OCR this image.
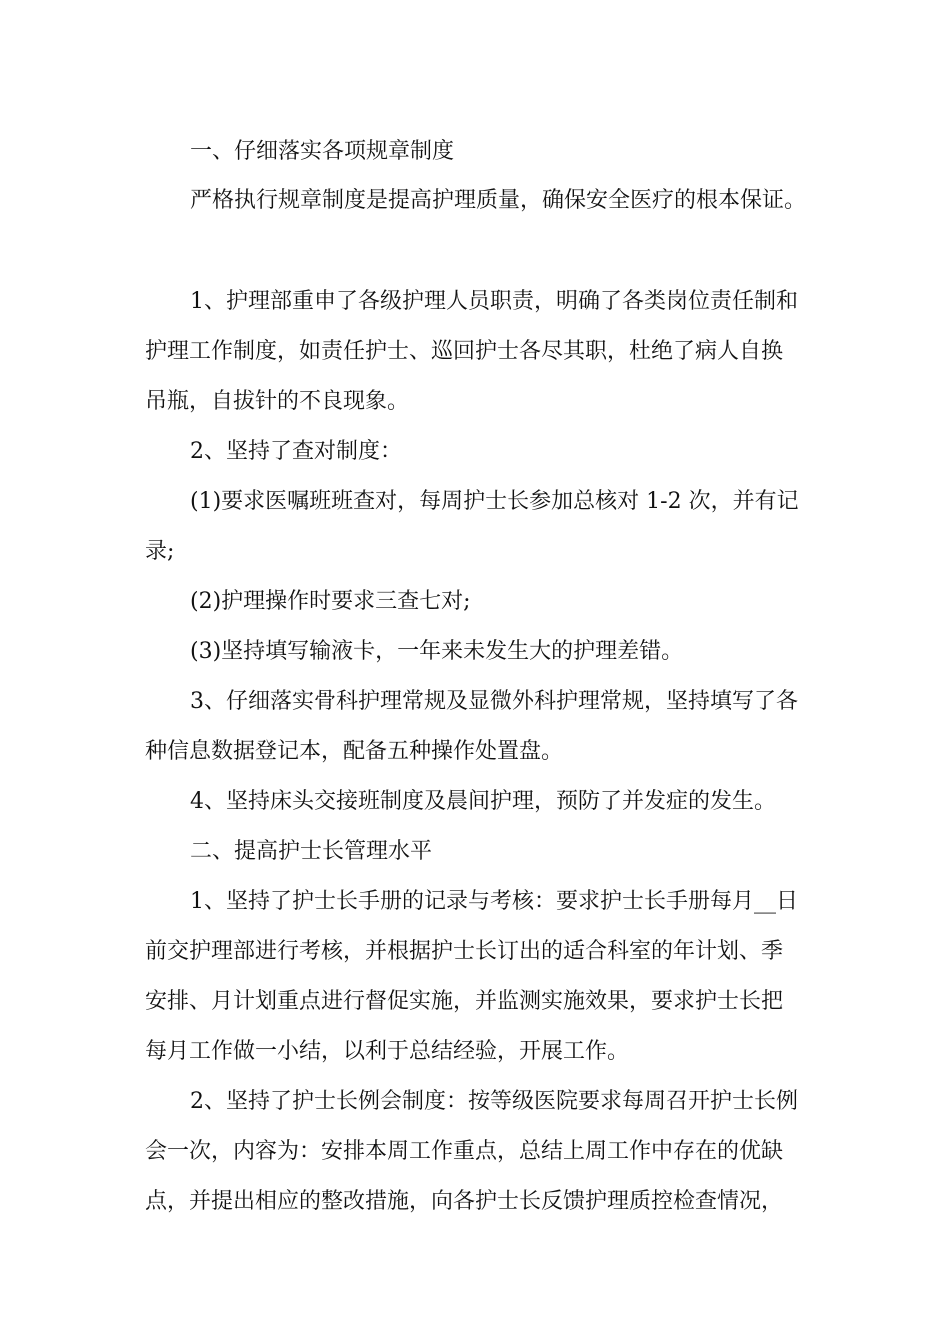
一、仔细落实各项规章制度
严格执行规章制度是提高护理质量，确保安全医疗的根本保证。
1、护理部重申了各级护理人员职责，明确了各类岗位责任制和
护理工作制度，如责任护士、巡回护士各尽其职，杜绝了病人自换
吊瓶，自拔针的不良现象。
2、坚持了查对制度：
(1)要求医嘱班班查对，每周护士长参加总核对 1-2 次，并有记
录;
(2)护理操作时要求三查七对;
(3)坚持填写输液卡，一年来未发生大的护理差错。
3、仔细落实骨科护理常规及显微外科护理常规，坚持填写了各
种信息数据登记本，配备五种操作处置盘。
4、坚持床头交接班制度及晨间护理，预防了并发症的发生。
二、提高护士长管理水平
1、坚持了护士长手册的记录与考核：要求护士长手册每月__日
前交护理部进行考核，并根据护士长订出的适合科室的年计划、季
安排、月计划重点进行督促实施，并监测实施效果，要求护士长把
每月工作做一小结，以利于总结经验，开展工作。
2、坚持了护士长例会制度：按等级医院要求每周召开护士长例
会一次，内容为：安排本周工作重点，总结上周工作中存在的优缺
点，并提出相应的整改措施，向各护士长反馈护理质控检查情况，
